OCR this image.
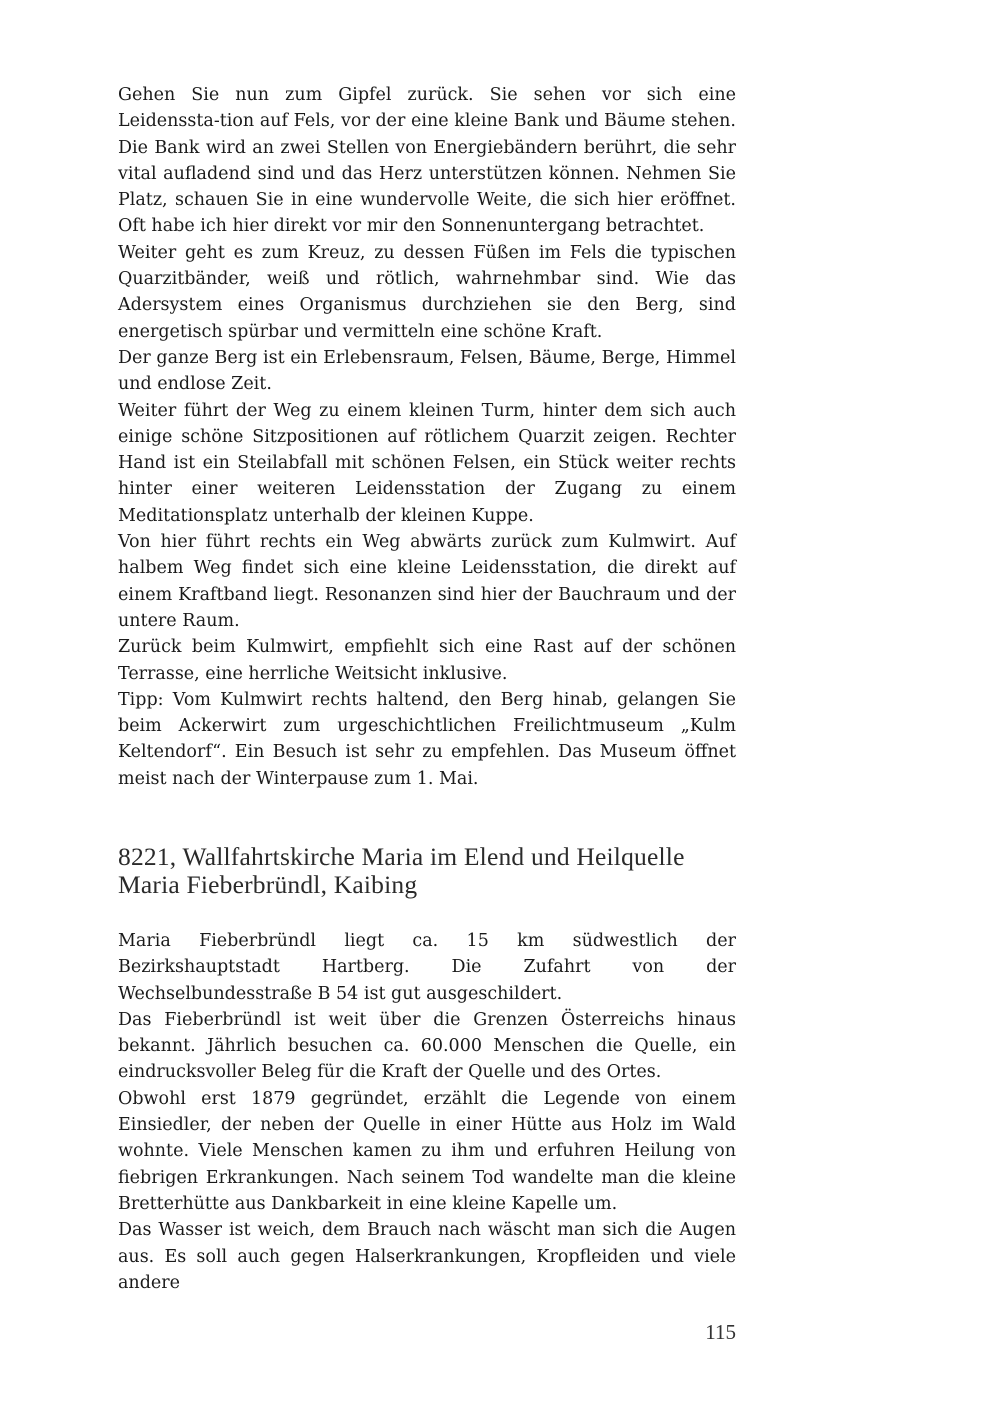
Gehen Sie nun zum Gipfel zurück. Sie sehen vor sich eine Leidenssta-tion auf Fels, vor der eine kleine Bank und Bäume stehen. Die Bank wird an zwei Stellen von Energiebändern berührt, die sehr vital aufladend sind und das Herz unterstützen können. Nehmen Sie Platz, schauen Sie in eine wundervolle Weite, die sich hier eröffnet. Oft habe ich hier direkt vor mir den Sonnenuntergang betrachtet.

Weiter geht es zum Kreuz, zu dessen Füßen im Fels die typischen Quarzitbänder, weiß und rötlich, wahrnehmbar sind. Wie das Adersystem eines Organismus durchziehen sie den Berg, sind energetisch spürbar und vermitteln eine schöne Kraft.

Der ganze Berg ist ein Erlebensraum, Felsen, Bäume, Berge, Himmel und endlose Zeit.

Weiter führt der Weg zu einem kleinen Turm, hinter dem sich auch einige schöne Sitzpositionen auf rötlichem Quarzit zeigen. Rechter Hand ist ein Steilabfall mit schönen Felsen, ein Stück weiter rechts hinter einer weiteren Leidensstation der Zugang zu einem Meditationsplatz unterhalb der kleinen Kuppe.

Von hier führt rechts ein Weg abwärts zurück zum Kulmwirt. Auf halbem Weg findet sich eine kleine Leidensstation, die direkt auf einem Kraftband liegt. Resonanzen sind hier der Bauchraum und der untere Raum.

Zurück beim Kulmwirt, empfiehlt sich eine Rast auf der schönen Terrasse, eine herrliche Weitsicht inklusive.

Tipp: Vom Kulmwirt rechts haltend, den Berg hinab, gelangen Sie beim Ackerwirt zum urgeschichtlichen Freilichtmuseum „Kulm Keltendorf“. Ein Besuch ist sehr zu empfehlen. Das Museum öffnet meist nach der Winterpause zum 1. Mai.

8221, Wallfahrtskirche Maria im Elend und Heilquelle
Maria Fieberbründl, Kaibing

Maria Fieberbründl liegt ca. 15 km südwestlich der Bezirkshauptstadt Hartberg. Die Zufahrt von der Wechselbundesstraße B 54 ist gut ausgeschildert.

Das Fieberbründl ist weit über die Grenzen Österreichs hinaus bekannt. Jährlich besuchen ca. 60.000 Menschen die Quelle, ein eindrucksvoller Beleg für die Kraft der Quelle und des Ortes.

Obwohl erst 1879 gegründet, erzählt die Legende von einem Einsiedler, der neben der Quelle in einer Hütte aus Holz im Wald wohnte. Viele Menschen kamen zu ihm und erfuhren Heilung von fiebrigen Erkrankungen. Nach seinem Tod wandelte man die kleine Bretterhütte aus Dankbarkeit in eine kleine Kapelle um.

Das Wasser ist weich, dem Brauch nach wäscht man sich die Augen aus. Es soll auch gegen Halserkrankungen, Kropfleiden und viele andere

115
